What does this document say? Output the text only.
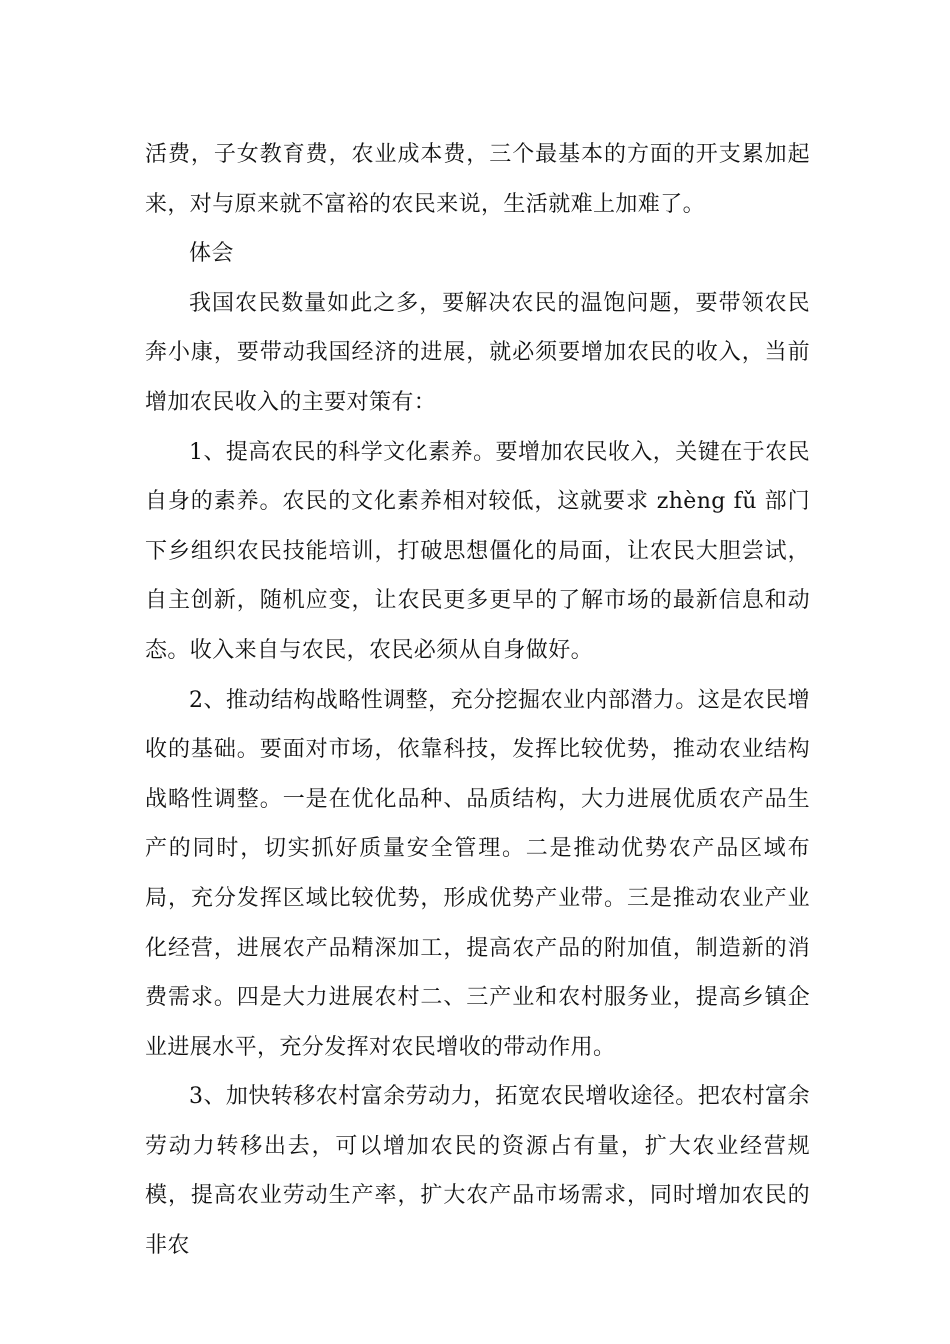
活费，子女教育费，农业成本费，三个最基本的方面的开支累加起来，对与原来就不富裕的农民来说，生活就难上加难了。

体会

我国农民数量如此之多，要解决农民的温饱问题，要带领农民奔小康，要带动我国经济的进展，就必须要增加农民的收入，当前增加农民收入的主要对策有：

1、提高农民的科学文化素养。要增加农民收入，关键在于农民自身的素养。农民的文化素养相对较低，这就要求 zhèng fǔ 部门下乡组织农民技能培训，打破思想僵化的局面，让农民大胆尝试，自主创新，随机应变，让农民更多更早的了解市场的最新信息和动态。收入来自与农民，农民必须从自身做好。

2、推动结构战略性调整，充分挖掘农业内部潜力。这是农民增收的基础。要面对市场，依靠科技，发挥比较优势，推动农业结构战略性调整。一是在优化品种、品质结构，大力进展优质农产品生产的同时，切实抓好质量安全管理。二是推动优势农产品区域布局，充分发挥区域比较优势，形成优势产业带。三是推动农业产业化经营，进展农产品精深加工，提高农产品的附加值，制造新的消费需求。四是大力进展农村二、三产业和农村服务业，提高乡镇企业进展水平，充分发挥对农民增收的带动作用。

3、加快转移农村富余劳动力，拓宽农民增收途径。把农村富余劳动力转移出去，可以增加农民的资源占有量，扩大农业经营规模，提高农业劳动生产率，扩大农产品市场需求，同时增加农民的非农
